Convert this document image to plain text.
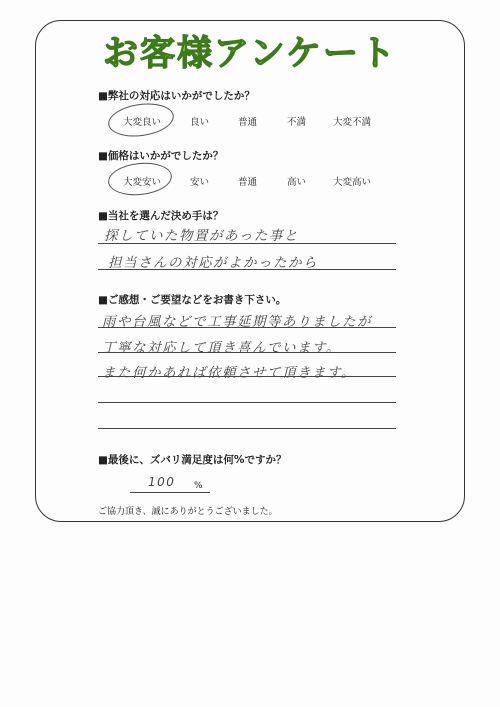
お客様アンケート
■弊社の対応はいかがでしたか？
大変良い	良い	普通	不満	大変不満
■価格はいかがでしたか？
大変安い	安い	普通	高い	大変高い
■当社を選んだ決め手は？
探していた物置があった事と
担当さんの対応がよかったから
■ご感想・ご要望などをお書き下さい。
雨や台風などで工事延期等ありましたが
丁寧な対応して頂き喜んでいます。
また何かあれば依頼させて頂きます。
■最後に、ズバリ満足度は何%ですか？
100 %
ご協力頂き、誠にありがとうございました。
